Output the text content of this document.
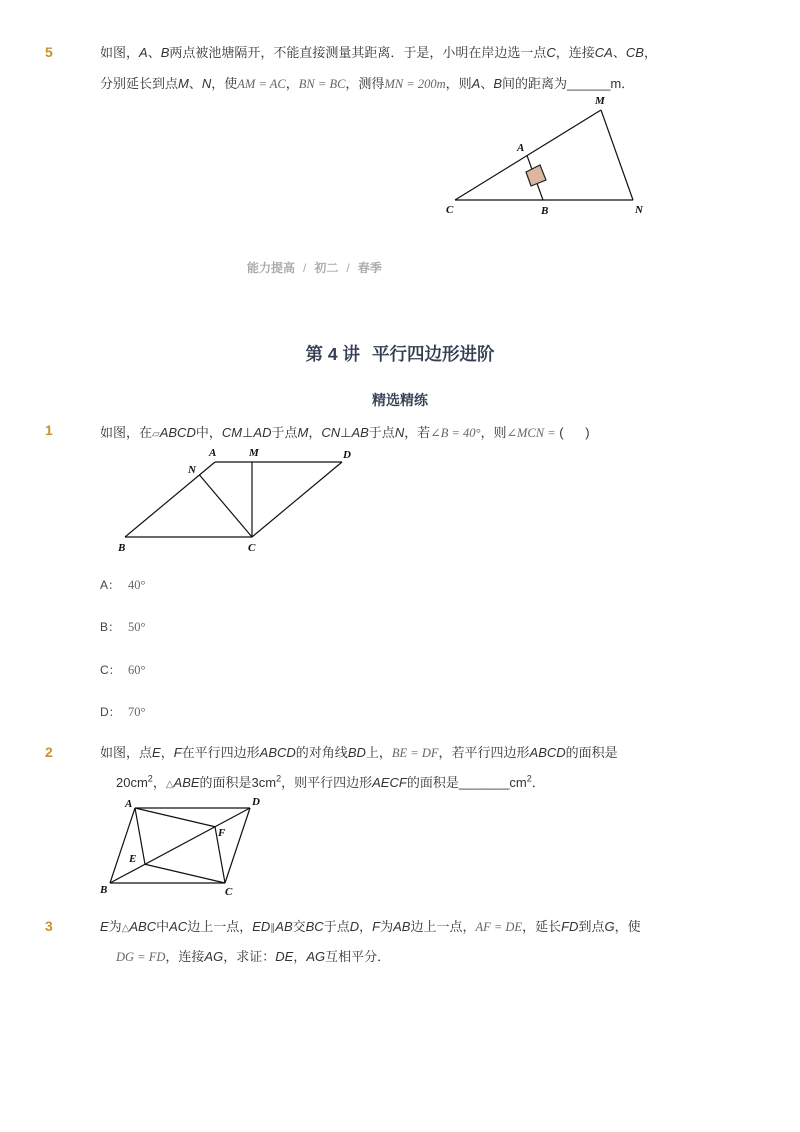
5	如图，A、B两点被池塘隔开，不能直接测量其距离．于是，小明在岸边选一点C，连接CA、CB，
分别延长到点M、N，使AM = AC，BN = BC，测得MN = 200m，则A、B间的距离为______m．
M
A
C	B	N
能力提高 / 初二 / 春季
第 4 讲 平行四边形进阶
精选精练
1	如图，在▱ABCD中，CM⊥AD于点M，CN⊥AB于点N，若∠B = 40°，则∠MCN = (      )
A	M	D
N
B	C
A： 40°
B： 50°
C： 60°
D： 70°
2	如图，点E，F在平行四边形ABCD的对角线BD上，BE = DF，若平行四边形ABCD的面积是
$20cm^2$，△ABE的面积是$3cm^2$，则平行四边形AECF的面积是$\_\_\_\_\_\_\_cm^2$．
A	D
F
E
B	C
3	E为△ABC中AC边上一点，ED∥AB交BC于点D，F为AB边上一点，AF = DE，延长FD到点G，使
DG = FD，连接AG，求证：DE，AG互相平分．
